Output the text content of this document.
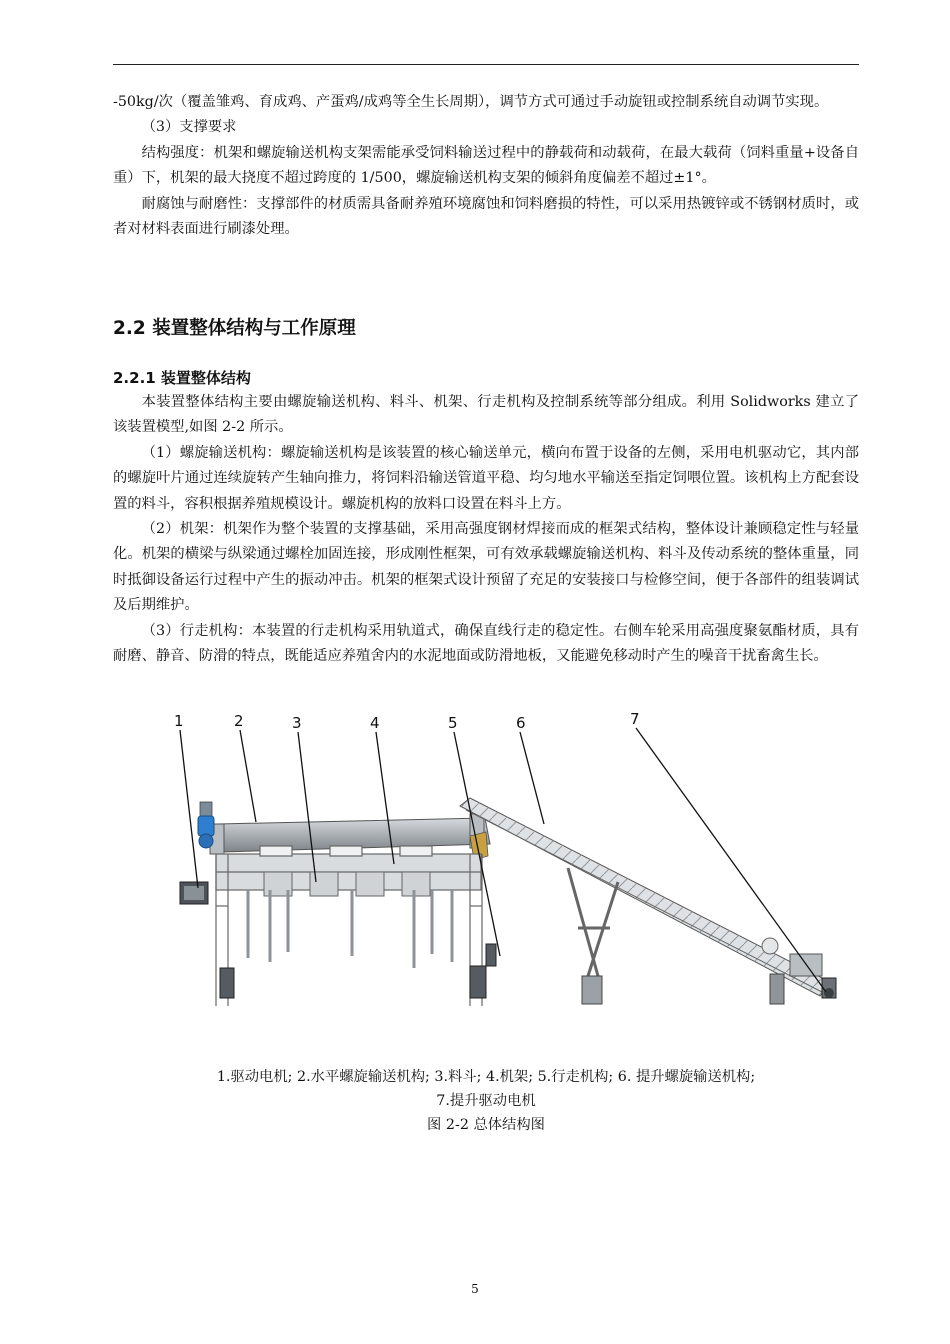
-50kg/次（覆盖雏鸡、育成鸡、产蛋鸡/成鸡等全生长周期），调节方式可通过手动旋钮或控制系统自动调节实现。

（3）支撑要求

结构强度：机架和螺旋输送机构支架需能承受饲料输送过程中的静载荷和动载荷，在最大载荷（饲料重量+设备自重）下，机架的最大挠度不超过跨度的 1/500，螺旋输送机构支架的倾斜角度偏差不超过±1°。

耐腐蚀与耐磨性：支撑部件的材质需具备耐养殖环境腐蚀和饲料磨损的特性，可以采用热镀锌或不锈钢材质时，或者对材料表面进行刷漆处理。

2.2 装置整体结构与工作原理
2.2.1 装置整体结构

本装置整体结构主要由螺旋输送机构、料斗、机架、行走机构及控制系统等部分组成。利用 Solidworks 建立了该装置模型,如图 2-2 所示。

（1）螺旋输送机构：螺旋输送机构是该装置的核心输送单元，横向布置于设备的左侧，采用电机驱动它，其内部的螺旋叶片通过连续旋转产生轴向推力，将饲料沿输送管道平稳、均匀地水平输送至指定饲喂位置。该机构上方配套设置的料斗，容积根据养殖规模设计。螺旋机构的放料口设置在料斗上方。

（2）机架：机架作为整个装置的支撑基础，采用高强度钢材焊接而成的框架式结构，整体设计兼顾稳定性与轻量化。机架的横梁与纵梁通过螺栓加固连接，形成刚性框架，可有效承载螺旋输送机构、料斗及传动系统的整体重量，同时抵御设备运行过程中产生的振动冲击。机架的框架式设计预留了充足的安装接口与检修空间，便于各部件的组装调试及后期维护。

（3）行走机构：本装置的行走机构采用轨道式，确保直线行走的稳定性。右侧车轮采用高强度聚氨酯材质，具有耐磨、静音、防滑的特点，既能适应养殖舍内的水泥地面或防滑地板，又能避免移动时产生的噪音干扰畜禽生长。

1	2	3	4	5	6	7
1.驱动电机; 2.水平螺旋输送机构; 3.料斗; 4.机架; 5.行走机构; 6. 提升螺旋输送机构;
7.提升驱动电机
图 2-2 总体结构图
5
